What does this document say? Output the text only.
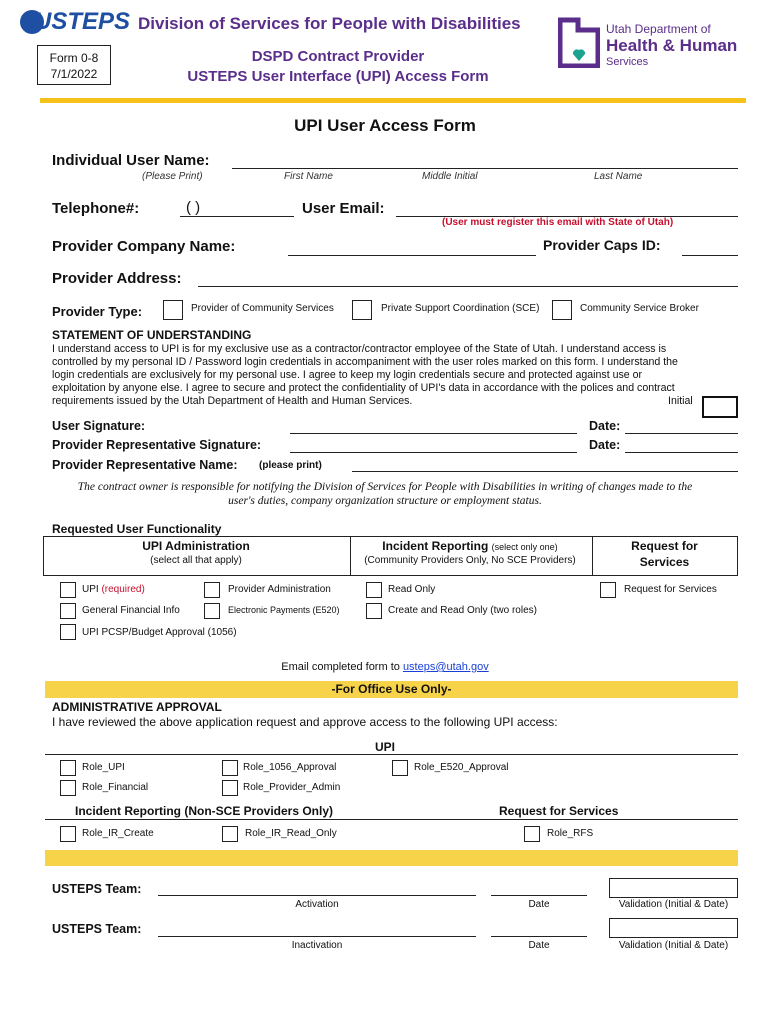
USTEPS Division of Services for People with Disabilities
Form 0-8
7/1/2022
DSPD Contract Provider
USTEPS User Interface (UPI) Access Form
Utah Department of
Health & Human
Services
UPI User Access Form
Individual User Name:
(Please Print)	First Name	Middle Initial	Last Name
Telephone#:	( )	User Email:
(User must register this email with State of Utah)
Provider Company Name:	Provider Caps ID:
Provider Address:
Provider Type:	Provider of Community Services	Private Support Coordination (SCE)	Community Service Broker
STATEMENT OF UNDERSTANDING
I understand access to UPI is for my exclusive use as a contractor/contractor employee of the State of Utah. I understand access is
controlled by my personal ID / Password login credentials in accompaniment with the user roles marked on this form. I understand the
login credentials are exclusively for my personal use. I agree to keep my login credentials secure and protected against use or
exploitation by anyone else. I agree to secure and protect the confidentiality of UPI's data in accordance with the polices and contract
requirements issued by the Utah Department of Health and Human Services.	Initial
User Signature:	Date:
Provider Representative Signature:	Date:
Provider Representative Name: (please print)
The contract owner is responsible for notifying the Division of Services for People with Disabilities in writing of changes made to the
user's duties, company organization structure or employment status.
Requested User Functionality
UPI Administration
(select all that apply)
Incident Reporting (select only one)
(Community Providers Only, No SCE Providers)
Request for
Services
UPI (required)	Provider Administration	Read Only	Request for Services
General Financial Info	Electronic Payments (E520)	Create and Read Only (two roles)
UPI PCSP/Budget Approval (1056)
Email completed form to usteps@utah.gov
-For Office Use Only-
ADMINISTRATIVE APPROVAL
I have reviewed the above application request and approve access to the following UPI access:
UPI
Role_UPI	Role_1056_Approval	Role_E520_Approval
Role_Financial	Role_Provider_Admin
Incident Reporting (Non-SCE Providers Only)	Request for Services
Role_IR_Create	Role_IR_Read_Only	Role_RFS
USTEPS Team:
Activation	Date	Validation (Initial & Date)
USTEPS Team:
Inactivation	Date	Validation (Initial & Date)
